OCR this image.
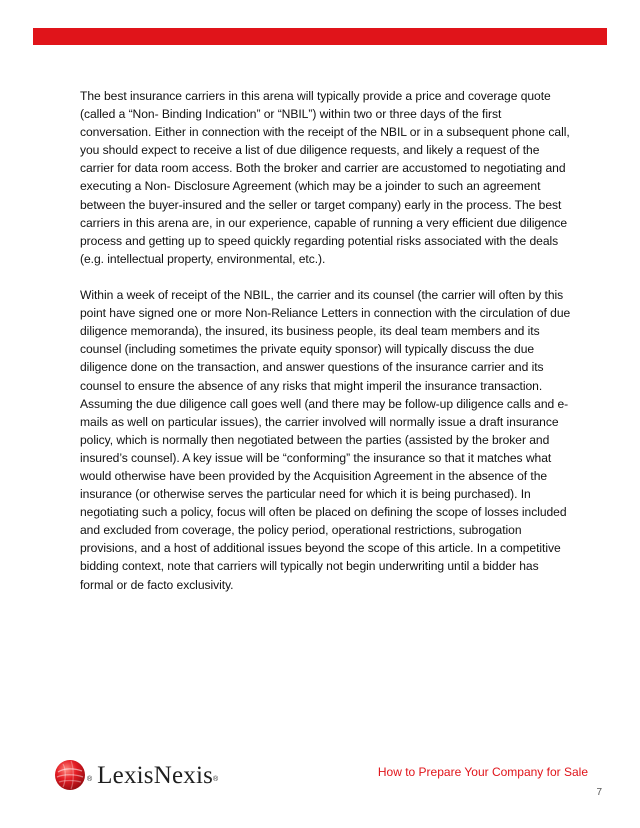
The best insurance carriers in this arena will typically provide a price and coverage quote (called a “Non- Binding Indication” or “NBIL”) within two or three days of the first conversation. Either in connection with the receipt of the NBIL or in a subsequent phone call, you should expect to receive a list of due diligence requests, and likely a request of the carrier for data room access. Both the broker and carrier are accustomed to negotiating and executing a Non- Disclosure Agreement (which may be a joinder to such an agreement between the buyer-insured and the seller or target company) early in the process. The best carriers in this arena are, in our experience, capable of running a very efficient due diligence process and getting up to speed quickly regarding potential risks associated with the deals (e.g. intellectual property, environmental, etc.).

Within a week of receipt of the NBIL, the carrier and its counsel (the carrier will often by this point have signed one or more Non-Reliance Letters in connection with the circulation of due diligence memoranda), the insured, its business people, its deal team members and its counsel (including sometimes the private equity sponsor) will typically discuss the due diligence done on the transaction, and answer questions of the insurance carrier and its counsel to ensure the absence of any risks that might imperil the insurance transaction. Assuming the due diligence call goes well (and there may be follow-up diligence calls and e-mails as well on particular issues), the carrier involved will normally issue a draft insurance policy, which is normally then negotiated between the parties (assisted by the broker and insured’s counsel). A key issue will be “conforming” the insurance so that it matches what would otherwise have been provided by the Acquisition Agreement in the absence of the insurance (or otherwise serves the particular need for which it is being purchased). In negotiating such a policy, focus will often be placed on defining the scope of losses included and excluded from coverage, the policy period, operational restrictions, subrogation provisions, and a host of additional issues beyond the scope of this article. In a competitive bidding context, note that carriers will typically not begin underwriting until a bidder has formal or de facto exclusivity.

® LexisNexis ®	How to Prepare Your Company for Sale
7
